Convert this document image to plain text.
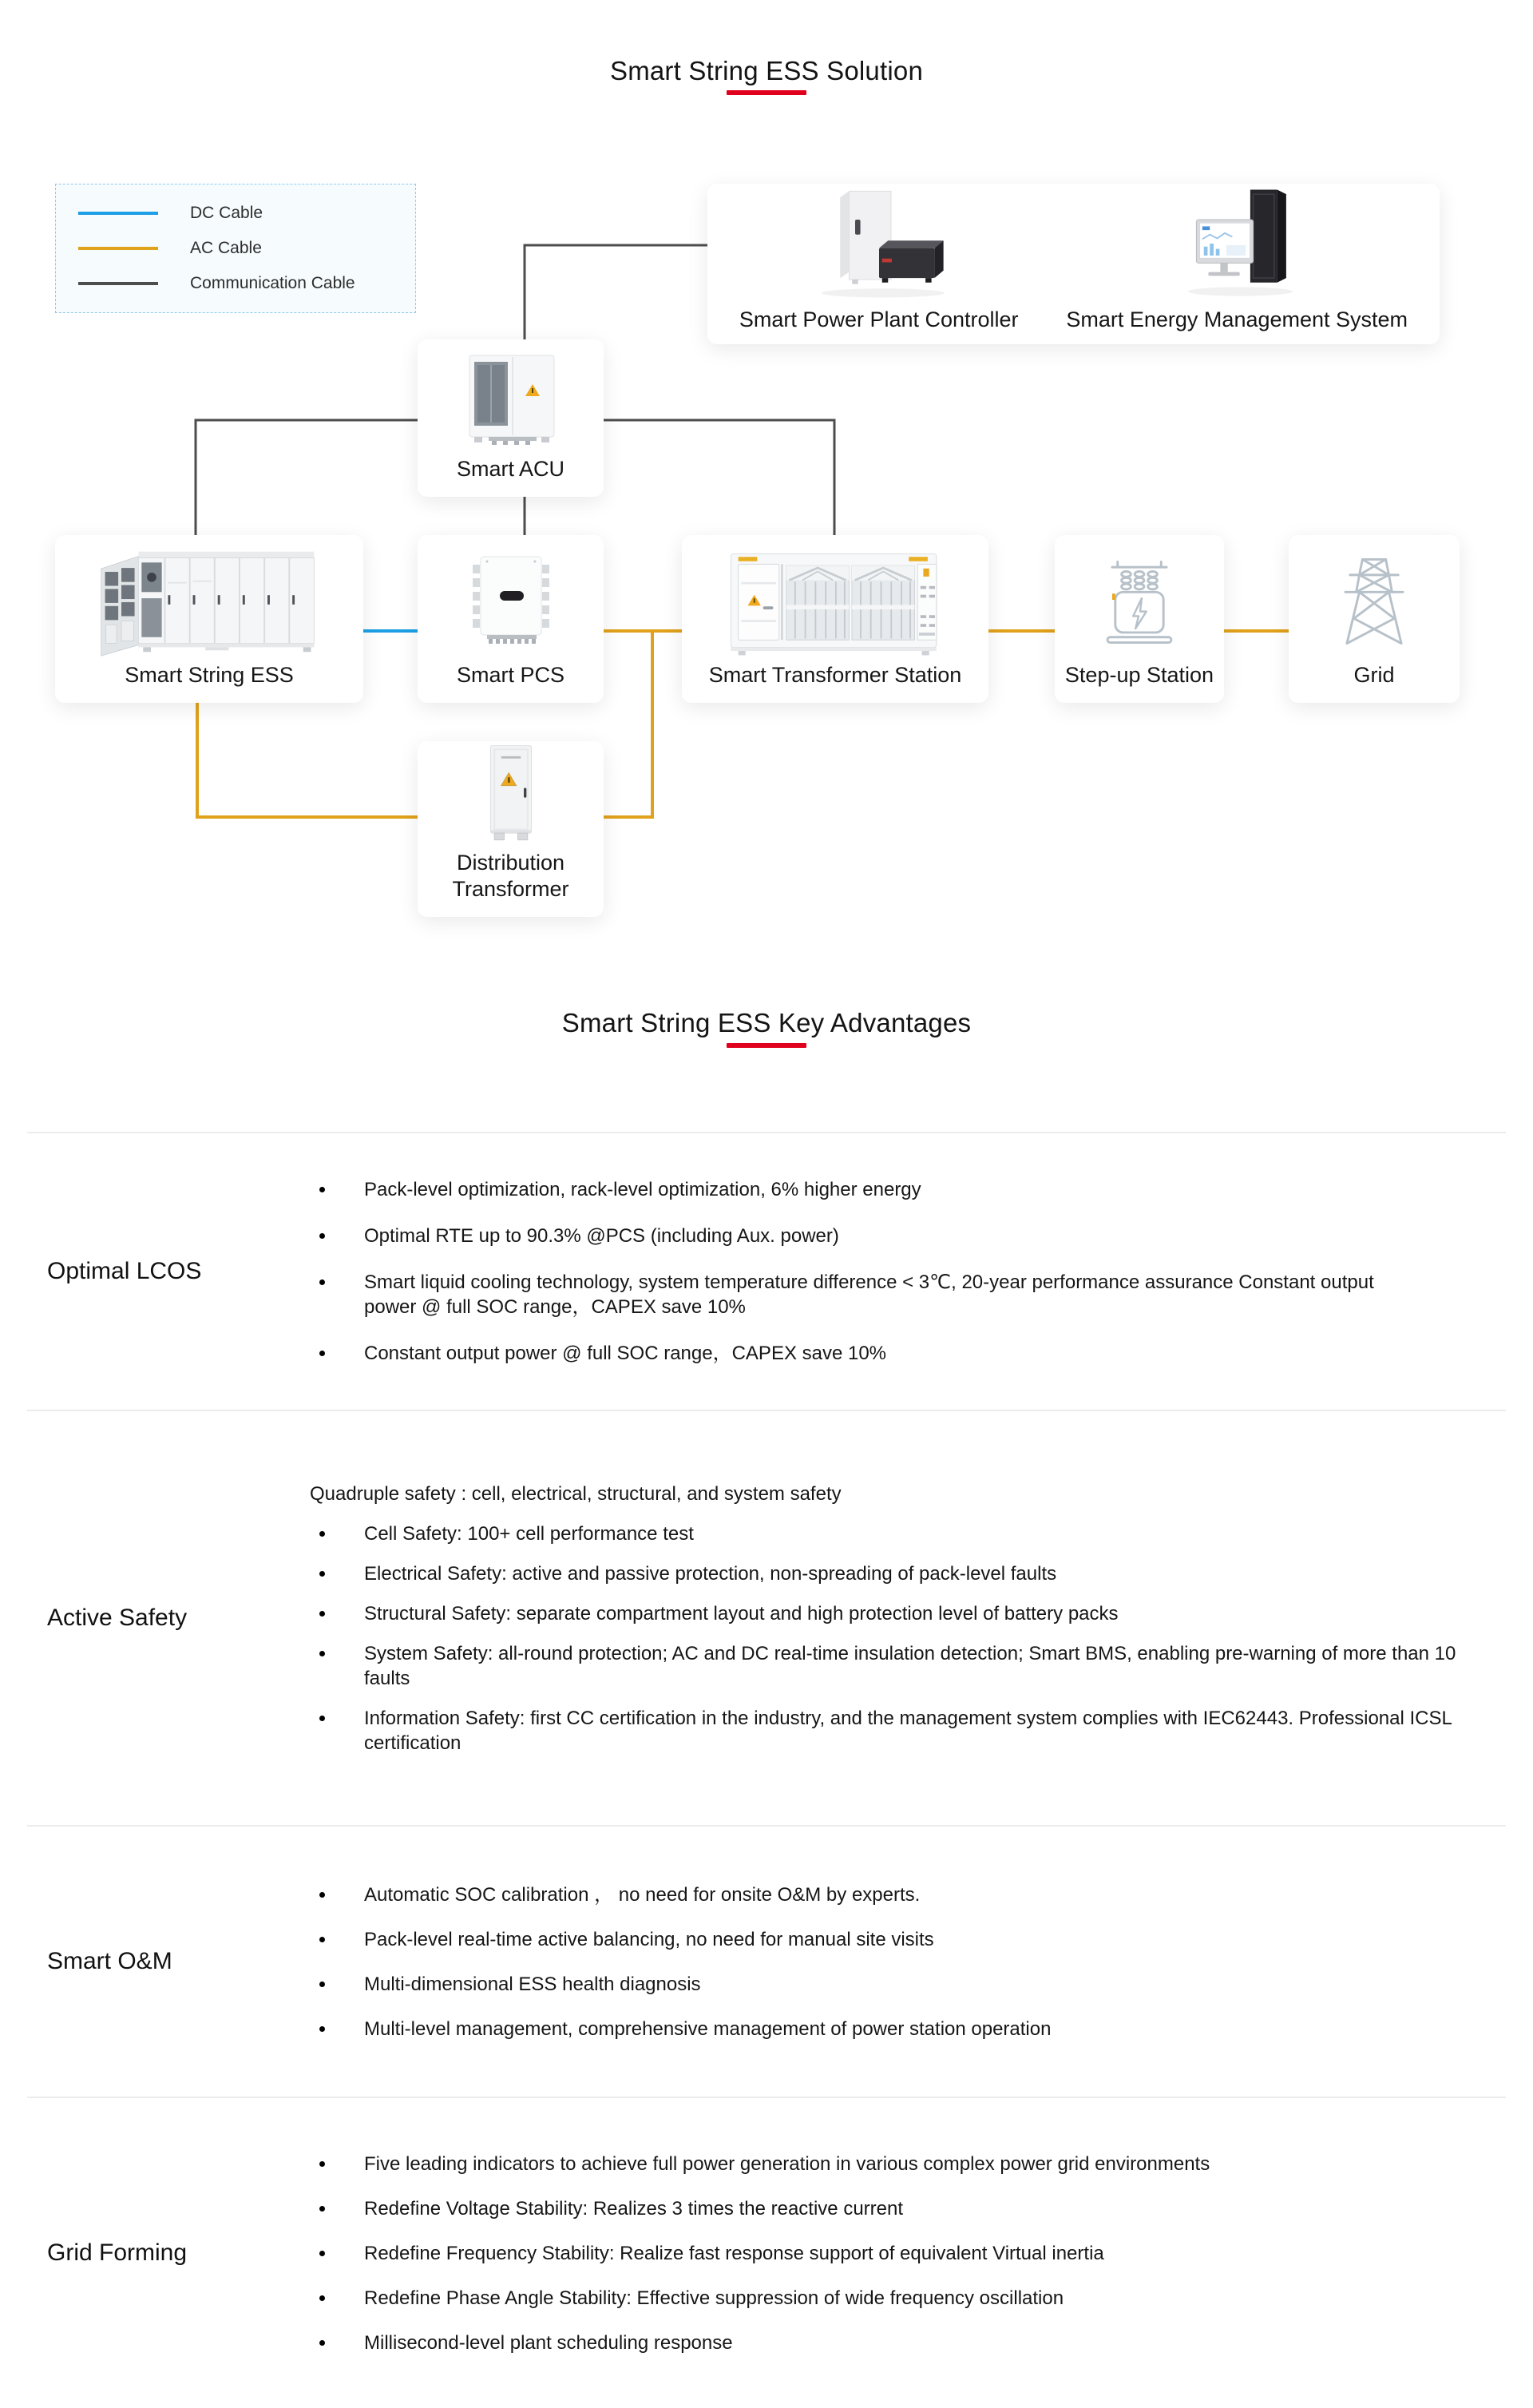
Smart String ESS Solution
DC Cable
AC Cable
Communication Cable
Smart Power Plant Controller Smart Energy Management System
Smart ACU
Smart String ESS	Smart PCS	Smart Transformer Station	Step-up Station	Grid
Distribution Transformer
Smart String ESS Key Advantages
Optimal LCOS
Pack-level optimization, rack-level optimization, 6% higher energy
Optimal RTE up to 90.3% @PCS (including Aux. power)
Smart liquid cooling technology, system temperature difference < 3℃, 20-year performance assurance Constant output power @ full SOC range，CAPEX save 10%
Constant output power @ full SOC range，CAPEX save 10%
Active Safety
Quadruple safety : cell, electrical, structural, and system safety
Cell Safety: 100+ cell performance test
Electrical Safety: active and passive protection, non-spreading of pack-level faults
Structural Safety: separate compartment layout and high protection level of battery packs
System Safety: all-round protection; AC and DC real-time insulation detection; Smart BMS, enabling pre-warning of more than 10 faults
Information Safety: first CC certification in the industry, and the management system complies with IEC62443. Professional ICSL certification
Smart O&M
Automatic SOC calibration ， no need for onsite O&M by experts.
Pack-level real-time active balancing, no need for manual site visits
Multi-dimensional ESS health diagnosis
Multi-level management, comprehensive management of power station operation
Grid Forming
Five leading indicators to achieve full power generation in various complex power grid environments
Redefine Voltage Stability: Realizes 3 times the reactive current
Redefine Frequency Stability: Realize fast response support of equivalent Virtual inertia
Redefine Phase Angle Stability: Effective suppression of wide frequency oscillation
Millisecond-level plant scheduling response
